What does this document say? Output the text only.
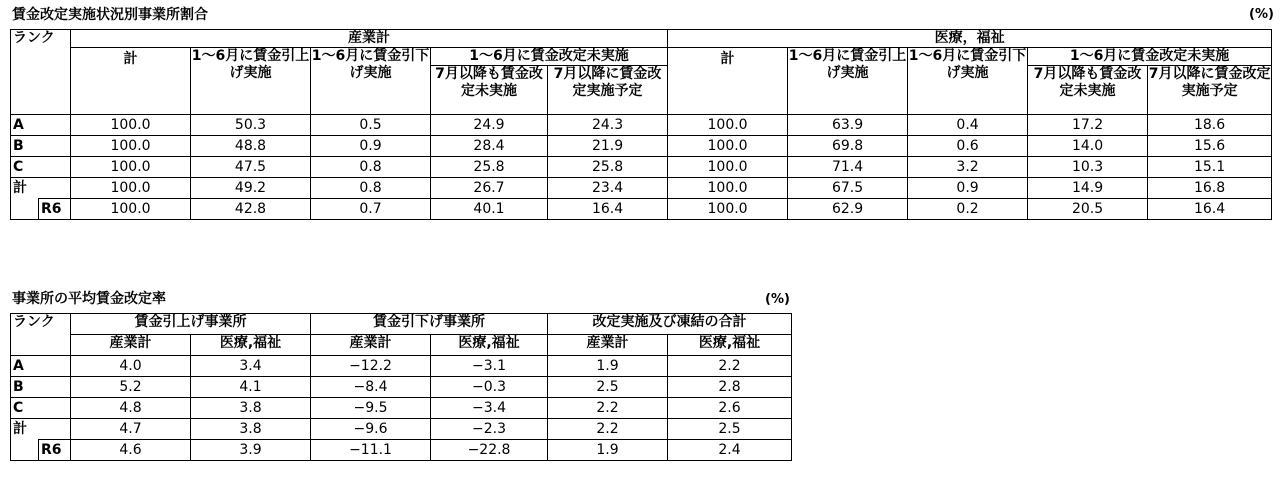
賃金改定実施状況別事業所割合	(%)
ランク		産業計					医療，福祉				
		計	1～6月に賃金引上げ実施	1～6月に賃金引下げ実施	1～6月に賃金改定未実施		計	1～6月に賃金引上げ実施	1～6月に賃金引下げ実施	1～6月に賃金改定未実施	
					7月以降も賃金改定未実施	7月以降に賃金改定実施予定				7月以降も賃金改定未実施	7月以降に賃金改定実施予定
A		100.0	50.3	0.5	24.9	24.3	100.0	63.9	0.4	17.2	18.6
B		100.0	48.8	0.9	28.4	21.9	100.0	69.8	0.6	14.0	15.6
C		100.0	47.5	0.8	25.8	25.8	100.0	71.4	3.2	10.3	15.1
計		100.0	49.2	0.8	26.7	23.4	100.0	67.5	0.9	14.9	16.8
	R6	100.0	42.8	0.7	40.1	16.4	100.0	62.9	0.2	20.5	16.4
事業所の平均賃金改定率	(%)
ランク		賃金引上げ事業所		賃金引下げ事業所		改定実施及び凍結の合計	
		産業計	医療,福祉	産業計	医療,福祉	産業計	医療,福祉
A		4.0	3.4	−12.2	−3.1	1.9	2.2
B		5.2	4.1	−8.4	−0.3	2.5	2.8
C		4.8	3.8	−9.5	−3.4	2.2	2.6
計		4.7	3.8	−9.6	−2.3	2.2	2.5
	R6	4.6	3.9	−11.1	−22.8	1.9	2.4
